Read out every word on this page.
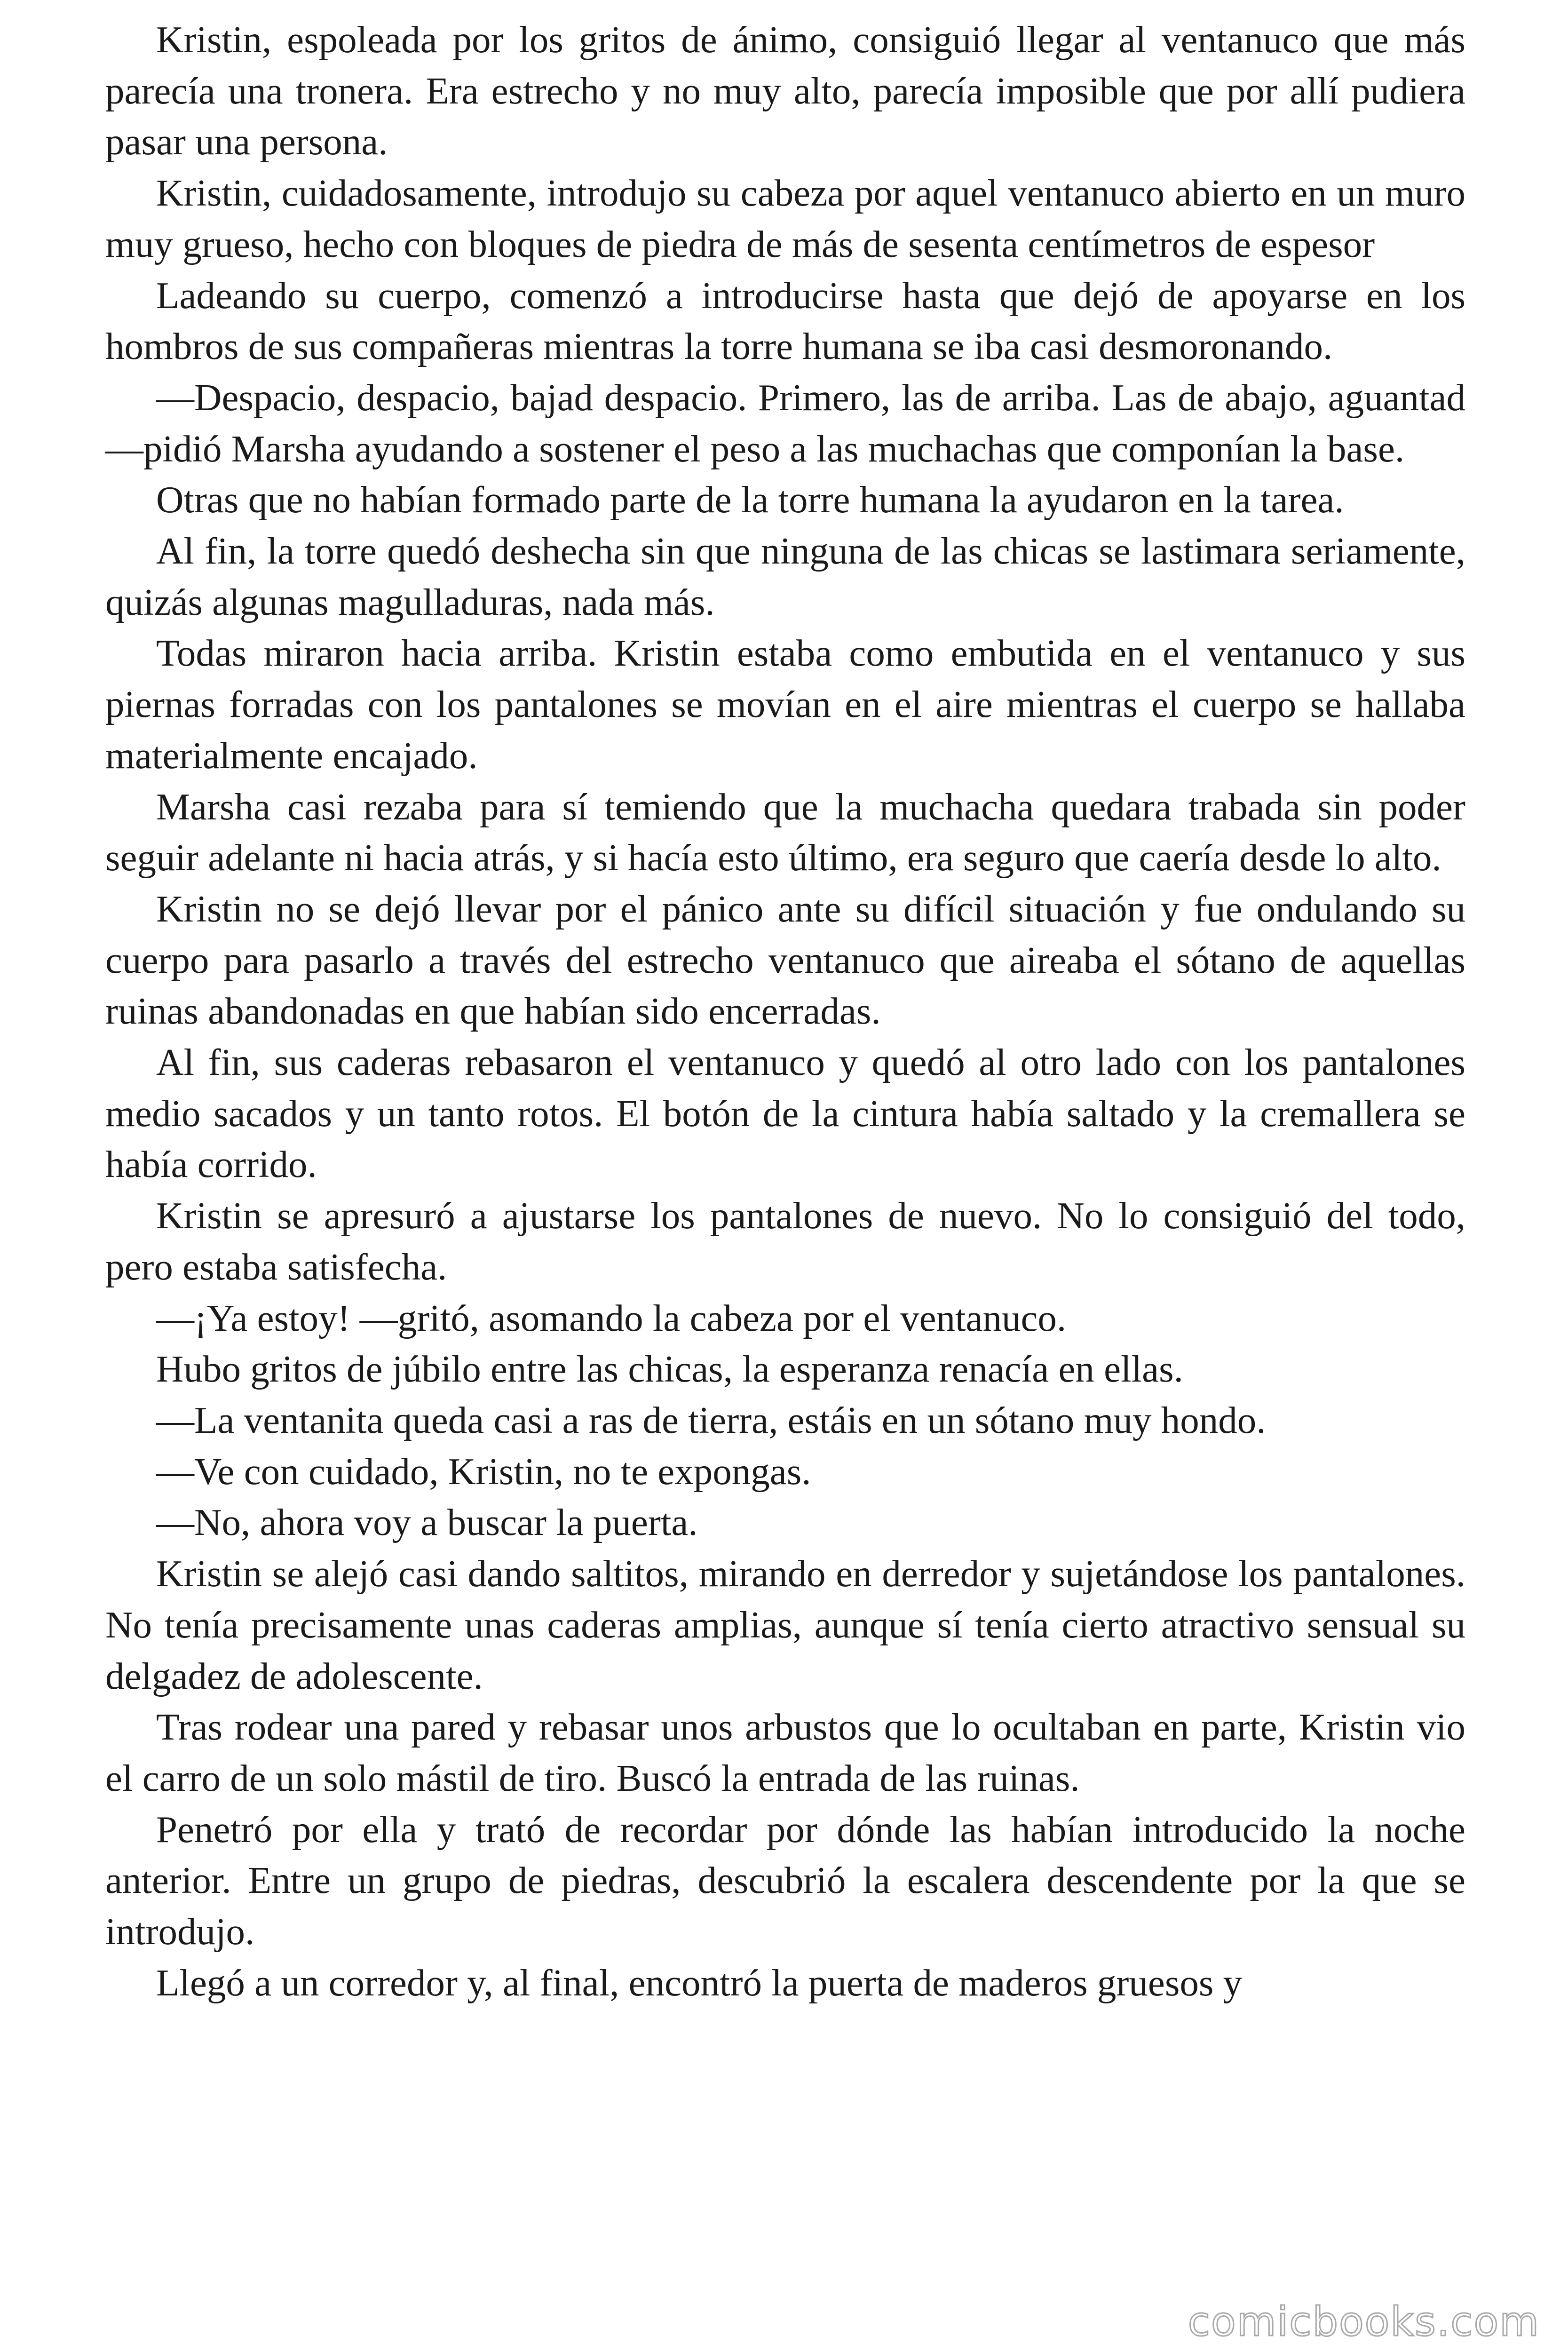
Kristin, espoleada por los gritos de ánimo, consiguió llegar al ventanuco que más parecía una tronera. Era estrecho y no muy alto, parecía imposible que por allí pudiera pasar una persona.

Kristin, cuidadosamente, introdujo su cabeza por aquel ventanuco abierto en un muro muy grueso, hecho con bloques de piedra de más de sesenta centímetros de espesor

Ladeando su cuerpo, comenzó a introducirse hasta que dejó de apoyarse en los hombros de sus compañeras mientras la torre humana se iba casi desmoronando.

—Despacio, despacio, bajad despacio. Primero, las de arriba. Las de abajo, aguantad —pidió Marsha ayudando a sostener el peso a las muchachas que componían la base.

Otras que no habían formado parte de la torre humana la ayudaron en la tarea.

Al fin, la torre quedó deshecha sin que ninguna de las chicas se lastimara seriamente, quizás algunas magulladuras, nada más.

Todas miraron hacia arriba. Kristin estaba como embutida en el ventanuco y sus piernas forradas con los pantalones se movían en el aire mientras el cuerpo se hallaba materialmente encajado.

Marsha casi rezaba para sí temiendo que la muchacha quedara trabada sin poder seguir adelante ni hacia atrás, y si hacía esto último, era seguro que caería desde lo alto.

Kristin no se dejó llevar por el pánico ante su difícil situación y fue ondulando su cuerpo para pasarlo a través del estrecho ventanuco que aireaba el sótano de aquellas ruinas abandonadas en que habían sido encerradas.

Al fin, sus caderas rebasaron el ventanuco y quedó al otro lado con los pantalones medio sacados y un tanto rotos. El botón de la cintura había saltado y la cremallera se había corrido.

Kristin se apresuró a ajustarse los pantalones de nuevo. No lo consiguió del todo, pero estaba satisfecha.

—¡Ya estoy! —gritó, asomando la cabeza por el ventanuco.

Hubo gritos de júbilo entre las chicas, la esperanza renacía en ellas.

—La ventanita queda casi a ras de tierra, estáis en un sótano muy hondo.

—Ve con cuidado, Kristin, no te expongas.

—No, ahora voy a buscar la puerta.

Kristin se alejó casi dando saltitos, mirando en derredor y sujetándose los pantalones. No tenía precisamente unas caderas amplias, aunque sí tenía cierto atractivo sensual su delgadez de adolescente.

Tras rodear una pared y rebasar unos arbustos que lo ocultaban en parte, Kristin vio el carro de un solo mástil de tiro. Buscó la entrada de las ruinas.

Penetró por ella y trató de recordar por dónde las habían introducido la noche anterior. Entre un grupo de piedras, descubrió la escalera descendente por la que se introdujo.

Llegó a un corredor y, al final, encontró la puerta de maderos gruesos y

comicbooks.com
